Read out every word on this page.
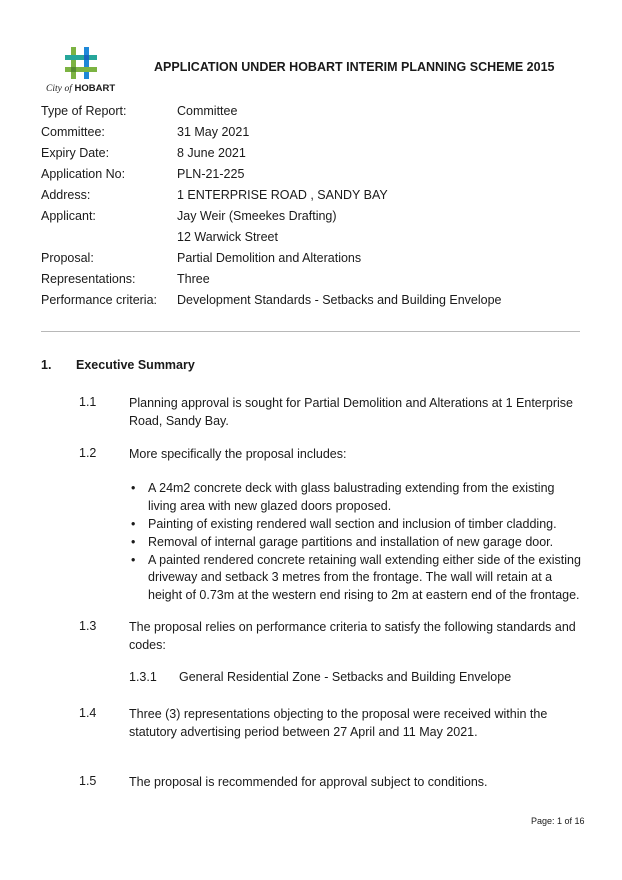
City of HOBART
APPLICATION UNDER HOBART INTERIM PLANNING SCHEME 2015
Type of Report:	Committee
Committee:	31 May 2021
Expiry Date:	8 June 2021
Application No:	PLN-21-225
Address:	1 ENTERPRISE ROAD , SANDY BAY
Applicant:	Jay Weir (Smeekes Drafting)
12 Warwick Street
Proposal:	Partial Demolition and Alterations
Representations:	Three
Performance criteria:	Development Standards - Setbacks and Building Envelope
1. Executive Summary
1.1	Planning approval is sought for Partial Demolition and Alterations at 1 Enterprise Road, Sandy Bay.
1.2	More specifically the proposal includes:
• A 24m2 concrete deck with glass balustrading extending from the existing living area with new glazed doors proposed.
• Painting of existing rendered wall section and inclusion of timber cladding.
• Removal of internal garage partitions and installation of new garage door.
• A painted rendered concrete retaining wall extending either side of the existing driveway and setback 3 metres from the frontage. The wall will retain at a height of 0.73m at the western end rising to 2m at eastern end of the frontage.
1.3	The proposal relies on performance criteria to satisfy the following standards and codes:
1.3.1 General Residential Zone - Setbacks and Building Envelope
1.4	Three (3) representations objecting to the proposal were received within the statutory advertising period between 27 April and 11 May 2021.
1.5	The proposal is recommended for approval subject to conditions.
Page: 1 of 16
